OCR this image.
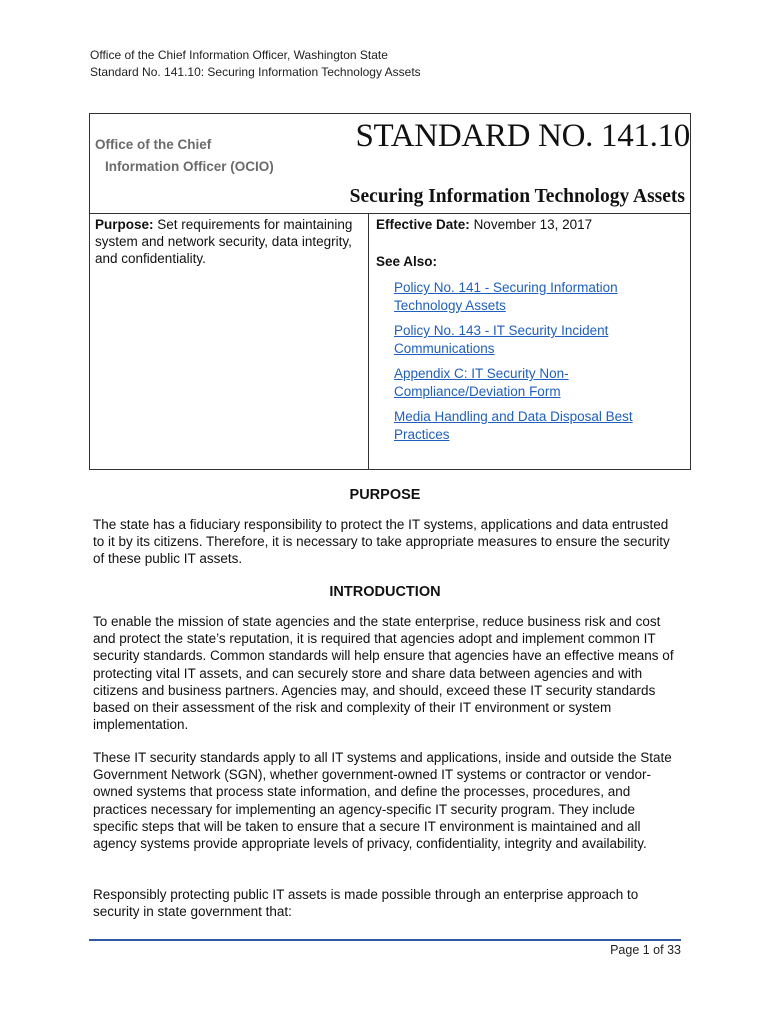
Office of the Chief Information Officer, Washington State
Standard No. 141.10: Securing Information Technology Assets
Office of the Chief
Information Officer (OCIO)
STANDARD NO. 141.10
Securing Information Technology Assets
Purpose: Set requirements for maintaining system and network security, data integrity, and confidentiality.
Effective Date: November 13, 2017
See Also:
Policy No. 141 - Securing Information Technology Assets
Policy No. 143 - IT Security Incident Communications
Appendix C: IT Security Non-Compliance/Deviation Form
Media Handling and Data Disposal Best Practices
PURPOSE
The state has a fiduciary responsibility to protect the IT systems, applications and data entrusted to it by its citizens. Therefore, it is necessary to take appropriate measures to ensure the security of these public IT assets.
INTRODUCTION
To enable the mission of state agencies and the state enterprise, reduce business risk and cost and protect the state’s reputation, it is required that agencies adopt and implement common IT security standards. Common standards will help ensure that agencies have an effective means of protecting vital IT assets, and can securely store and share data between agencies and with citizens and business partners. Agencies may, and should, exceed these IT security standards based on their assessment of the risk and complexity of their IT environment or system implementation.
These IT security standards apply to all IT systems and applications, inside and outside the State Government Network (SGN), whether government-owned IT systems or contractor or vendor-owned systems that process state information, and define the processes, procedures, and practices necessary for implementing an agency-specific IT security program. They include specific steps that will be taken to ensure that a secure IT environment is maintained and all agency systems provide appropriate levels of privacy, confidentiality, integrity and availability.
Responsibly protecting public IT assets is made possible through an enterprise approach to security in state government that:
Page 1 of 33
